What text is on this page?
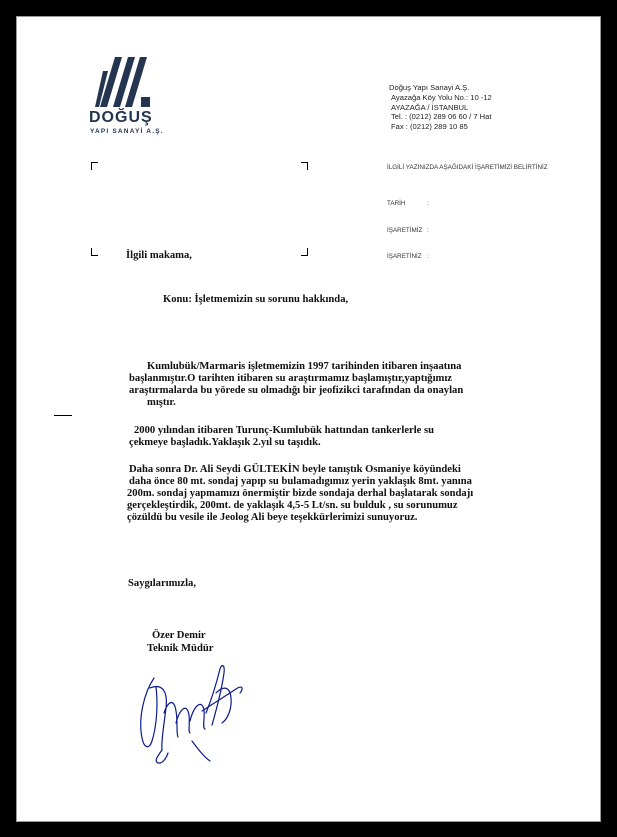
DOĞUŞ
YAPI SANAYİ A.Ş.
Doğuş Yapı Sanayi A.Ş.
Ayazağa Köy Yolu No.: 10 -12
AYAZAĞA / İSTANBUL
Tel. : (0212) 289 06 60 / 7 Hat
Fax : (0212) 289 10 85
İLGİLİ YAZINIZDA AŞAĞIDAKİ İŞARETİMİZİ BELİRTİNİZ
TARİH	:
İŞARETİMİZ :
İŞARETİNİZ :
İlgili makama,
Konu: İşletmemizin su sorunu hakkında,
Kumlubük/Marmaris işletmemizin 1997 tarihinden itibaren inşaatına
başlanmıştır.O tarihten itibaren su araştırmamız başlamıştır,yaptığımız
araştırmalarda bu yörede su olmadığı bir jeofizikci tarafından da onaylan
mıştır.
2000 yılından itibaren Turunç-Kumlubük hattından tankerlerle su
çekmeye başladık.Yaklaşık 2.yıl su taşıdık.
Daha sonra Dr. Ali Seydi GÜLTEKİN beyle tanıştık Osmaniye köyündeki
daha önce 80 mt. sondaj yapıp su bulamadıgımız yerin yaklaşık 8mt. yanına
200m. sondaj yapmamızı önermiştir bizde sondaja derhal başlatarak sondajı
gerçekleştirdik, 200mt. de yaklaşık 4,5-5 Lt/sn. su bulduk , su sorunumuz
çözüldü bu vesile ile Jeolog Ali beye teşekkürlerimizi sunuyoruz.
Saygılarımızla,
Özer Demir
Teknik Müdür
